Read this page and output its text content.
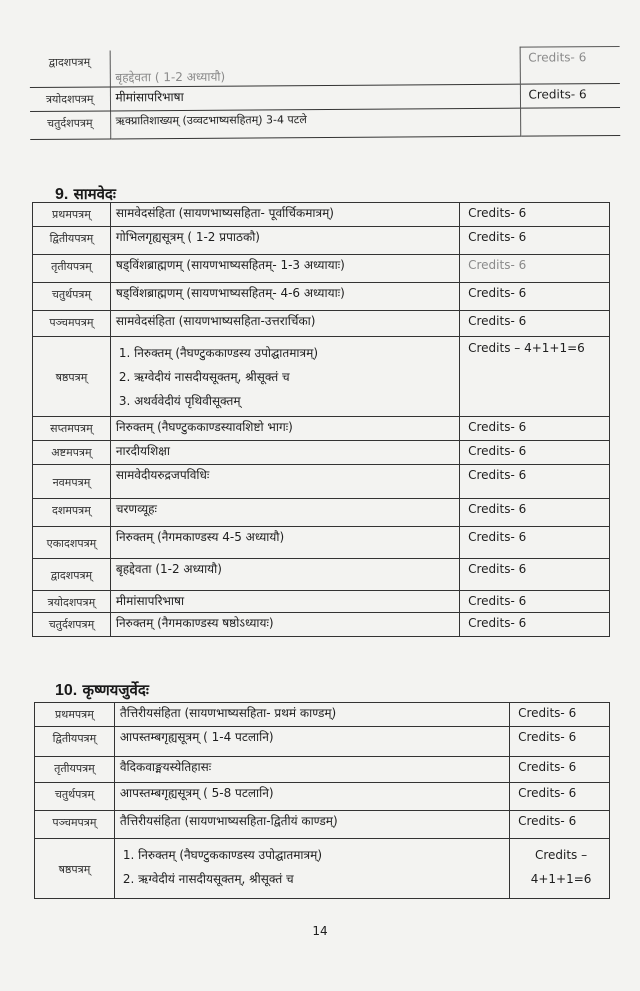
द्वादशपत्रम्	बृहद्देवता ( 1-2 अध्यायौ)	Credits- 6
त्रयोदशपत्रम्	मीमांसापरिभाषा	Credits- 6
चतुर्दशपत्रम्	ऋक्प्रातिशाख्यम् (उव्वटभाष्यसहितम्) 3-4 पटले	
9. सामवेदः
प्रथमपत्रम्	सामवेदसंहिता (सायणभाष्यसहिता- पूर्वार्चिकमात्रम्)	Credits- 6
द्वितीयपत्रम्	गोभिलगृह्यसूत्रम् ( 1-2 प्रपाठकौ)	Credits- 6
तृतीयपत्रम्	षड्विंशब्राह्मणम् (सायणभाष्यसहितम्- 1-3 अध्यायाः)	Credits- 6
चतुर्थपत्रम्	षड्विंशब्राह्मणम् (सायणभाष्यसहितम्- 4-6 अध्यायाः)	Credits- 6
पञ्चमपत्रम्	सामवेदसंहिता (सायणभाष्यसहिता-उत्तरार्चिका)	Credits- 6
षष्ठपत्रम्	1. निरुक्तम् (नैघण्टुककाण्डस्य उपोद्घातमात्रम्)
2. ऋग्वेदीयं नासदीयसूक्तम्, श्रीसूक्तं च
3. अथर्ववेदीयं पृथिवीसूक्तम्	Credits – 4+1+1=6
सप्तमपत्रम्	निरुक्तम् (नैघण्टुककाण्डस्यावशिष्टो भागः)	Credits- 6
अष्टमपत्रम्	नारदीयशिक्षा	Credits- 6
नवमपत्रम्	सामवेदीयरुद्रजपविधिः	Credits- 6
दशमपत्रम्	चरणव्यूहः	Credits- 6
एकादशपत्रम्	निरुक्तम् (नैगमकाण्डस्य 4-5 अध्यायौ)	Credits- 6
द्वादशपत्रम्	बृहद्देवता (1-2 अध्यायौ)	Credits- 6
त्रयोदशपत्रम्	मीमांसापरिभाषा	Credits- 6
चतुर्दशपत्रम्	निरुक्तम् (नैगमकाण्डस्य षष्ठोऽध्यायः)	Credits- 6
10. कृष्णयजुर्वेदः
प्रथमपत्रम्	तैत्तिरीयसंहिता (सायणभाष्यसहिता- प्रथमं काण्डम्)	Credits- 6
द्वितीयपत्रम्	आपस्तम्बगृह्यसूत्रम् ( 1-4 पटलानि)	Credits- 6
तृतीयपत्रम्	वैदिकवाङ्मयस्येतिहासः	Credits- 6
चतुर्थपत्रम्	आपस्तम्बगृह्यसूत्रम् ( 5-8 पटलानि)	Credits- 6
पञ्चमपत्रम्	तैत्तिरीयसंहिता (सायणभाष्यसहिता-द्वितीयं काण्डम्)	Credits- 6
षष्ठपत्रम्	1. निरुक्तम् (नैघण्टुककाण्डस्य उपोद्घातमात्रम्)
2. ऋग्वेदीयं नासदीयसूक्तम्, श्रीसूक्तं च	Credits –
4+1+1=6
14
